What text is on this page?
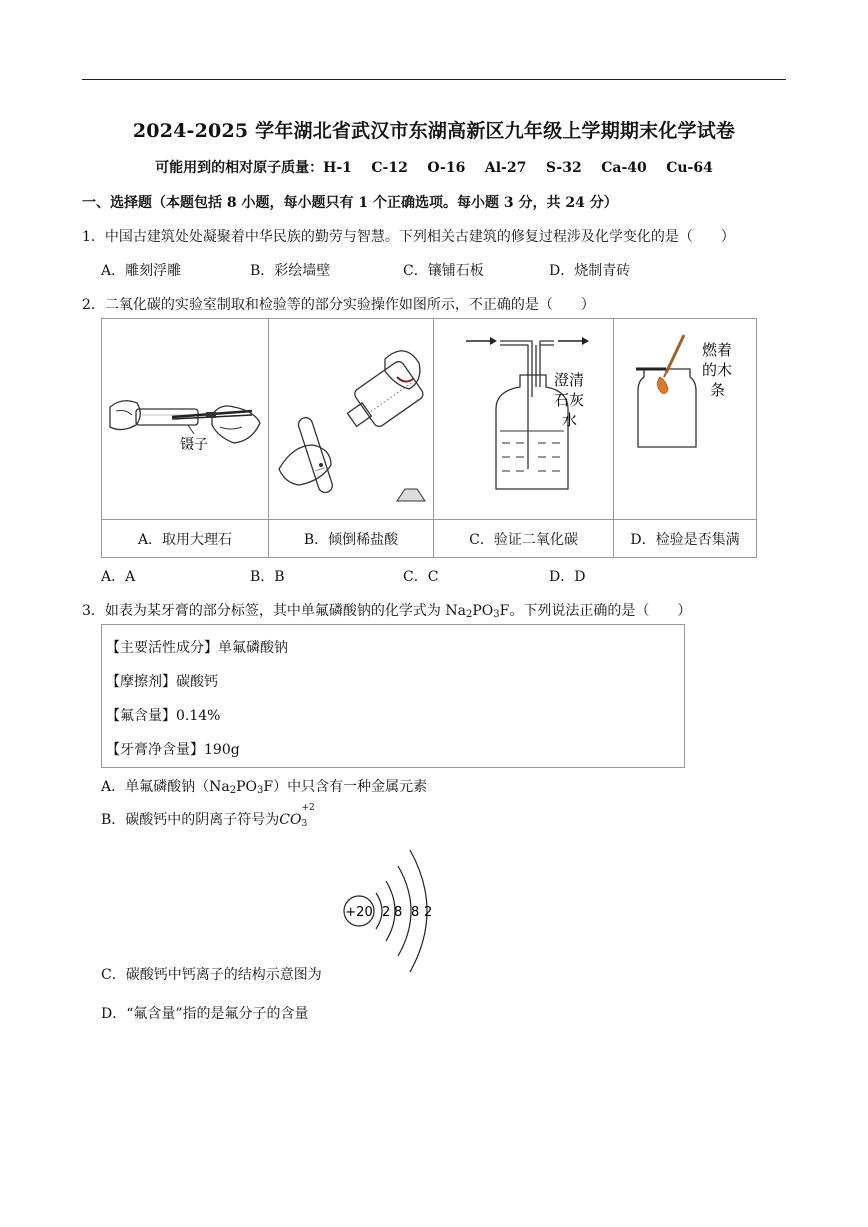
2024-2025 学年湖北省武汉市东湖高新区九年级上学期期末化学试卷
可能用到的相对原子质量：H-1    C-12    O-16    Al-27    S-32    Ca-40    Cu-64
一、选择题（本题包括 8 小题，每小题只有 1 个正确选项。每小题 3 分，共 24 分）
1．中国古建筑处处凝聚着中华民族的勤劳与智慧。下列相关古建筑的修复过程涉及化学变化的是（　　）
A．雕刻浮雕	B．彩绘墙壁	C．镶铺石板	D．烧制青砖
2．二氧化碳的实验室制取和检验等的部分实验操作如图所示，不正确的是（　　）
镊子		澄清
石灰
水	燃着
的木
条

A．取用大理石	B．倾倒稀盐酸	C．验证二氧化碳	D．检验是否集满
A．A	B．B	C．C	D．D
3．如表为某牙膏的部分标签，其中单氟磷酸钠的化学式为 $Na_2PO_3F$。下列说法正确的是（　　）
【主要活性成分】单氟磷酸钠
【摩擦剂】碳酸钙
【氟含量】0.14%
【牙膏净含量】190g
A．单氟磷酸钠$(Na_2PO_3F)$中只含有一种金属元素
B．碳酸钙中的阴离子符号为CO
+2
3
+20 2 8 8 2
C．碳酸钙中钙离子的结构示意图为
D．“氟含量”指的是氟分子的含量
